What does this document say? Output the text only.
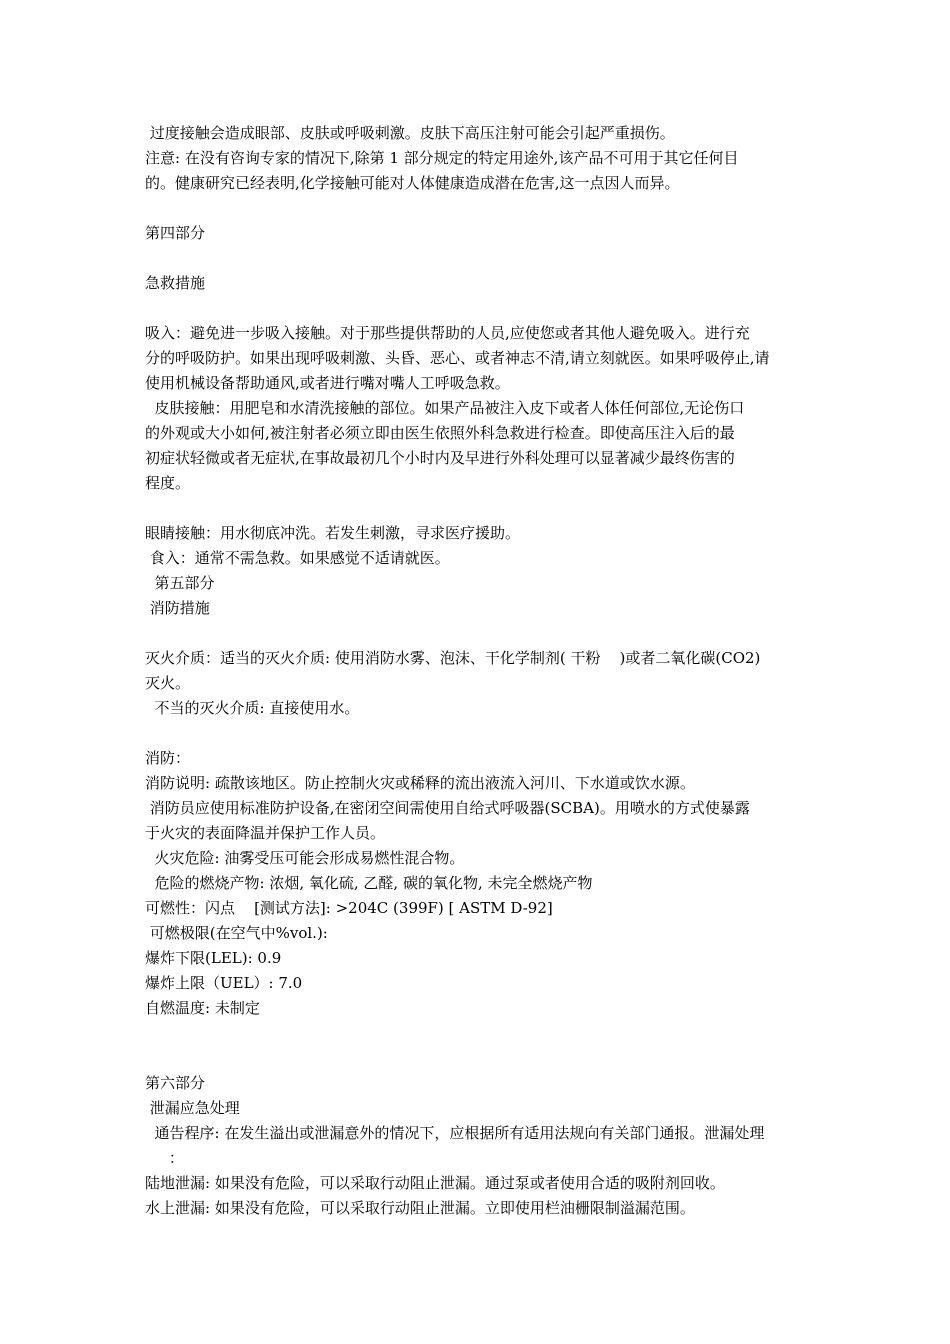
过度接触会造成眼部、皮肤或呼吸刺激。皮肤下高压注射可能会引起严重损伤。
注意: 在没有咨询专家的情况下,除第 1 部分规定的特定用途外,该产品不可用于其它任何目
的。健康研究已经表明,化学接触可能对人体健康造成潜在危害,这一点因人而异。
第四部分
急救措施
吸入：避免进一步吸入接触。对于那些提供帮助的人员,应使您或者其他人避免吸入。进行充
分的呼吸防护。如果出现呼吸刺激、头昏、恶心、或者神志不清,请立刻就医。如果呼吸停止,请
使用机械设备帮助通风,或者进行嘴对嘴人工呼吸急救。
皮肤接触：用肥皂和水清洗接触的部位。如果产品被注入皮下或者人体任何部位,无论伤口
的外观或大小如何,被注射者必须立即由医生依照外科急救进行检查。即使高压注入后的最
初症状轻微或者无症状,在事故最初几个小时内及早进行外科处理可以显著减少最终伤害的
程度。
眼睛接触：用水彻底冲洗。若发生刺激，寻求医疗援助。
食入：通常不需急救。如果感觉不适请就医。
第五部分
消防措施
灭火介质：适当的灭火介质: 使用消防水雾、泡沫、干化学制剂( 干粉    )或者二氧化碳(CO2)
灭火。
不当的灭火介质: 直接使用水。
消防：
消防说明: 疏散该地区。防止控制火灾或稀释的流出液流入河川、下水道或饮水源。
消防员应使用标准防护设备,在密闭空间需使用自给式呼吸器(SCBA)。用喷水的方式使暴露
于火灾的表面降温并保护工作人员。
火灾危险: 油雾受压可能会形成易燃性混合物。
危险的燃烧产物: 浓烟, 氧化硫, 乙醛, 碳的氧化物, 未完全燃烧产物
可燃性：闪点    [测试方法]: >204C (399F) [ ASTM D-92]
可燃极限(在空气中%vol.):
爆炸下限(LEL): 0.9
爆炸上限（UEL）: 7.0
自燃温度: 未制定
第六部分
泄漏应急处理
通告程序: 在发生溢出或泄漏意外的情况下，应根据所有适用法规向有关部门通报。泄漏处理
：
陆地泄漏: 如果没有危险，可以采取行动阻止泄漏。通过泵或者使用合适的吸附剂回收。
水上泄漏: 如果没有危险，可以采取行动阻止泄漏。立即使用栏油栅限制溢漏范围。
